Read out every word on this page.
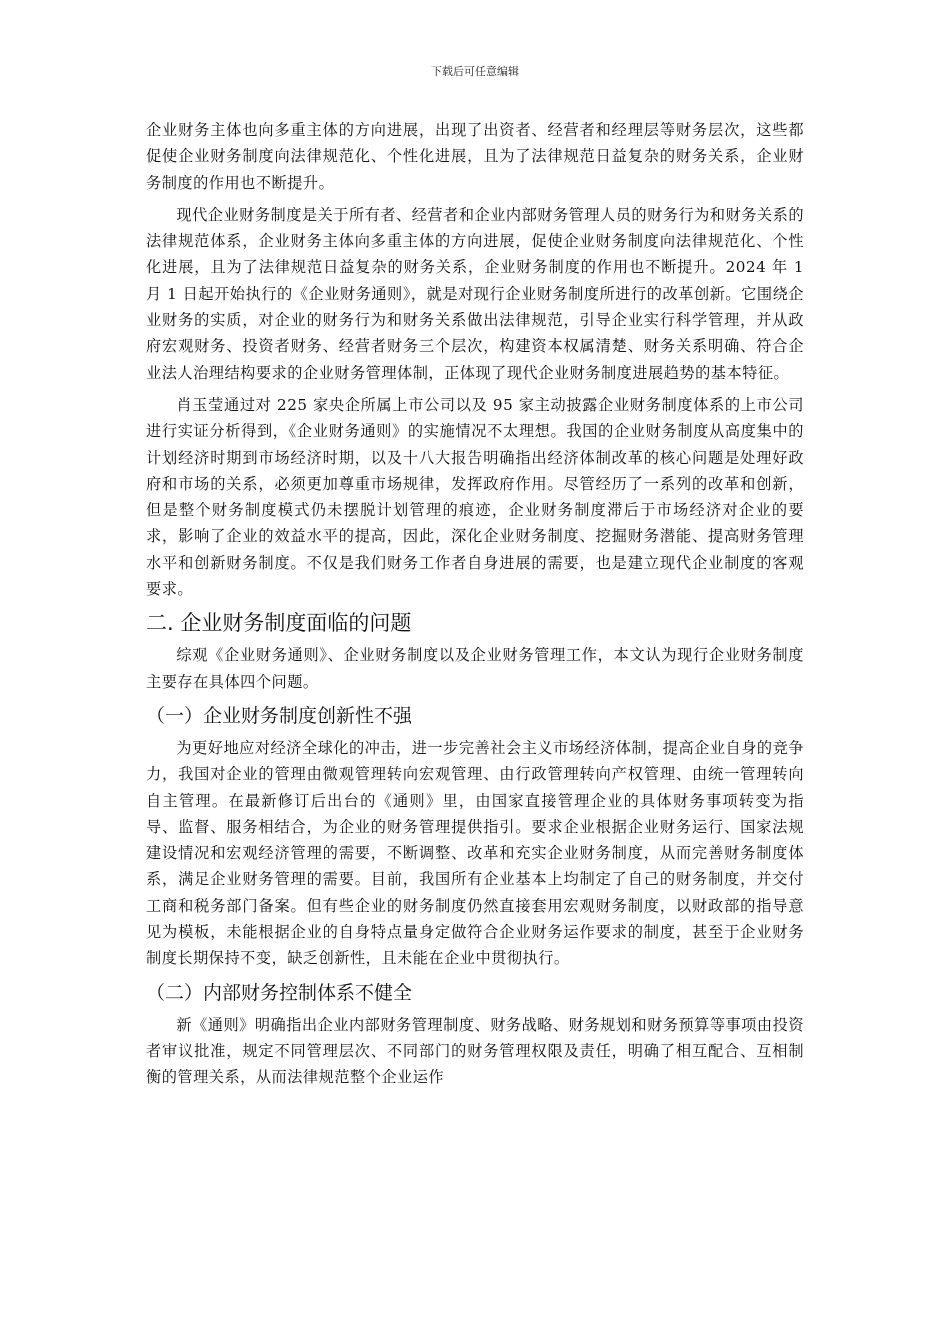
下载后可任意编辑

企业财务主体也向多重主体的方向进展，出现了出资者、经营者和经理层等财务层次，这些都促使企业财务制度向法律规范化、个性化进展，且为了法律规范日益复杂的财务关系，企业财务制度的作用也不断提升。

现代企业财务制度是关于所有者、经营者和企业内部财务管理人员的财务行为和财务关系的法律规范体系，企业财务主体向多重主体的方向进展，促使企业财务制度向法律规范化、个性化进展，且为了法律规范日益复杂的财务关系，企业财务制度的作用也不断提升。2024 年 1 月 1 日起开始执行的《企业财务通则》，就是对现行企业财务制度所进行的改革创新。它围绕企业财务的实质，对企业的财务行为和财务关系做出法律规范，引导企业实行科学管理，并从政府宏观财务、投资者财务、经营者财务三个层次，构建资本权属清楚、财务关系明确、符合企业法人治理结构要求的企业财务管理体制，正体现了现代企业财务制度进展趋势的基本特征。

肖玉莹通过对 225 家央企所属上市公司以及 95 家主动披露企业财务制度体系的上市公司进行实证分析得到，《企业财务通则》的实施情况不太理想。我国的企业财务制度从高度集中的计划经济时期到市场经济时期，以及十八大报告明确指出经济体制改革的核心问题是处理好政府和市场的关系，必须更加尊重市场规律，发挥政府作用。尽管经历了一系列的改革和创新，但是整个财务制度模式仍未摆脱计划管理的痕迹，企业财务制度滞后于市场经济对企业的要求，影响了企业的效益水平的提高，因此，深化企业财务制度、挖掘财务潜能、提高财务管理水平和创新财务制度。不仅是我们财务工作者自身进展的需要，也是建立现代企业制度的客观要求。

二. 企业财务制度面临的问题

综观《企业财务通则》、企业财务制度以及企业财务管理工作，本文认为现行企业财务制度主要存在具体四个问题。

（一）企业财务制度创新性不强

为更好地应对经济全球化的冲击，进一步完善社会主义市场经济体制，提高企业自身的竞争力，我国对企业的管理由微观管理转向宏观管理、由行政管理转向产权管理、由统一管理转向自主管理。在最新修订后出台的《通则》里，由国家直接管理企业的具体财务事项转变为指导、监督、服务相结合，为企业的财务管理提供指引。要求企业根据企业财务运行、国家法规建设情况和宏观经济管理的需要，不断调整、改革和充实企业财务制度，从而完善财务制度体系，满足企业财务管理的需要。目前，我国所有企业基本上均制定了自己的财务制度，并交付工商和税务部门备案。但有些企业的财务制度仍然直接套用宏观财务制度，以财政部的指导意见为模板，未能根据企业的自身特点量身定做符合企业财务运作要求的制度，甚至于企业财务制度长期保持不变，缺乏创新性，且未能在企业中贯彻执行。

（二）内部财务控制体系不健全

新《通则》明确指出企业内部财务管理制度、财务战略、财务规划和财务预算等事项由投资者审议批准，规定不同管理层次、不同部门的财务管理权限及责任，明确了相互配合、互相制衡的管理关系，从而法律规范整个企业运作
